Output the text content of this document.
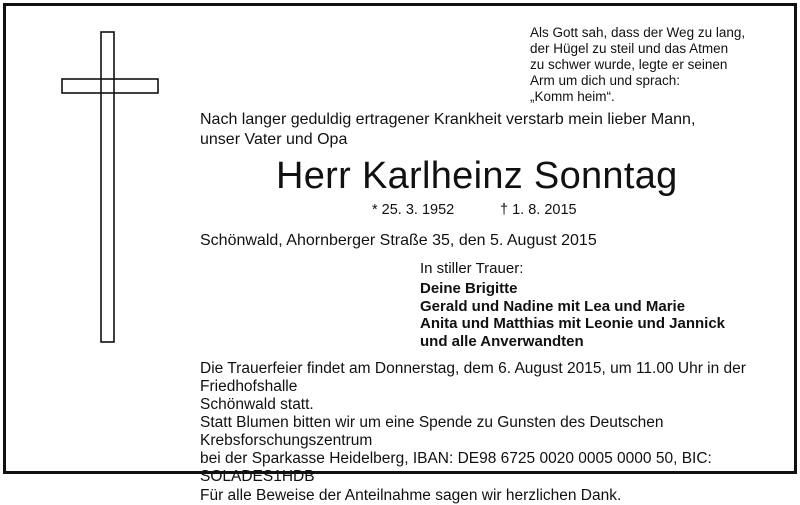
Als Gott sah, dass der Weg zu lang,
der Hügel zu steil und das Atmen
zu schwer wurde, legte er seinen
Arm um dich und sprach:
„Komm heim“.
Nach langer geduldig ertragener Krankheit verstarb mein lieber Mann,
unser Vater und Opa
Herr Karlheinz Sonntag
* 25. 3. 1952	† 1. 8. 2015
Schönwald, Ahornberger Straße 35, den 5. August 2015
In stiller Trauer:
Deine Brigitte
Gerald und Nadine mit Lea und Marie
Anita und Matthias mit Leonie und Jannick
und alle Anverwandten

Die Trauerfeier findet am Donnerstag, dem 6. August 2015, um 11.00 Uhr in der Friedhofshalle
Schönwald statt.

Statt Blumen bitten wir um eine Spende zu Gunsten des Deutschen Krebsforschungszentrum
bei der Sparkasse Heidelberg, IBAN: DE98 6725 0020 0005 0000 50, BIC: SOLADES1HDB

Für alle Beweise der Anteilnahme sagen wir herzlichen Dank.
